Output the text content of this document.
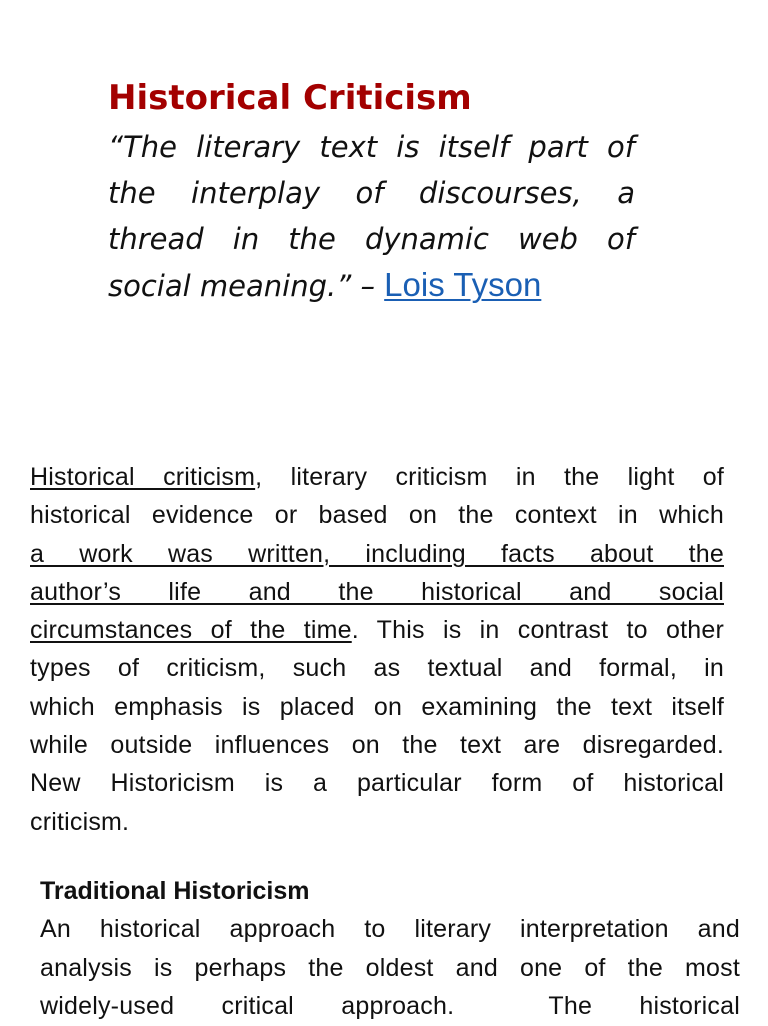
Historical Criticism

“The literary text is itself part of
the interplay of discourses, a
thread in the dynamic web of
social meaning.” – Lois Tyson

Historical criticism, literary criticism in the light of
historical evidence or based on the context in which
a work was written, including facts about the
author’s life and the historical and social
circumstances of the time. This is in contrast to other
types of criticism, such as textual and formal, in
which emphasis is placed on examining the text itself
while outside influences on the text are disregarded.
New Historicism is a particular form of historical
criticism.

Traditional Historicism

An historical approach to literary interpretation and
analysis is perhaps the oldest and one of the most
widely-used critical approach.  The historical
